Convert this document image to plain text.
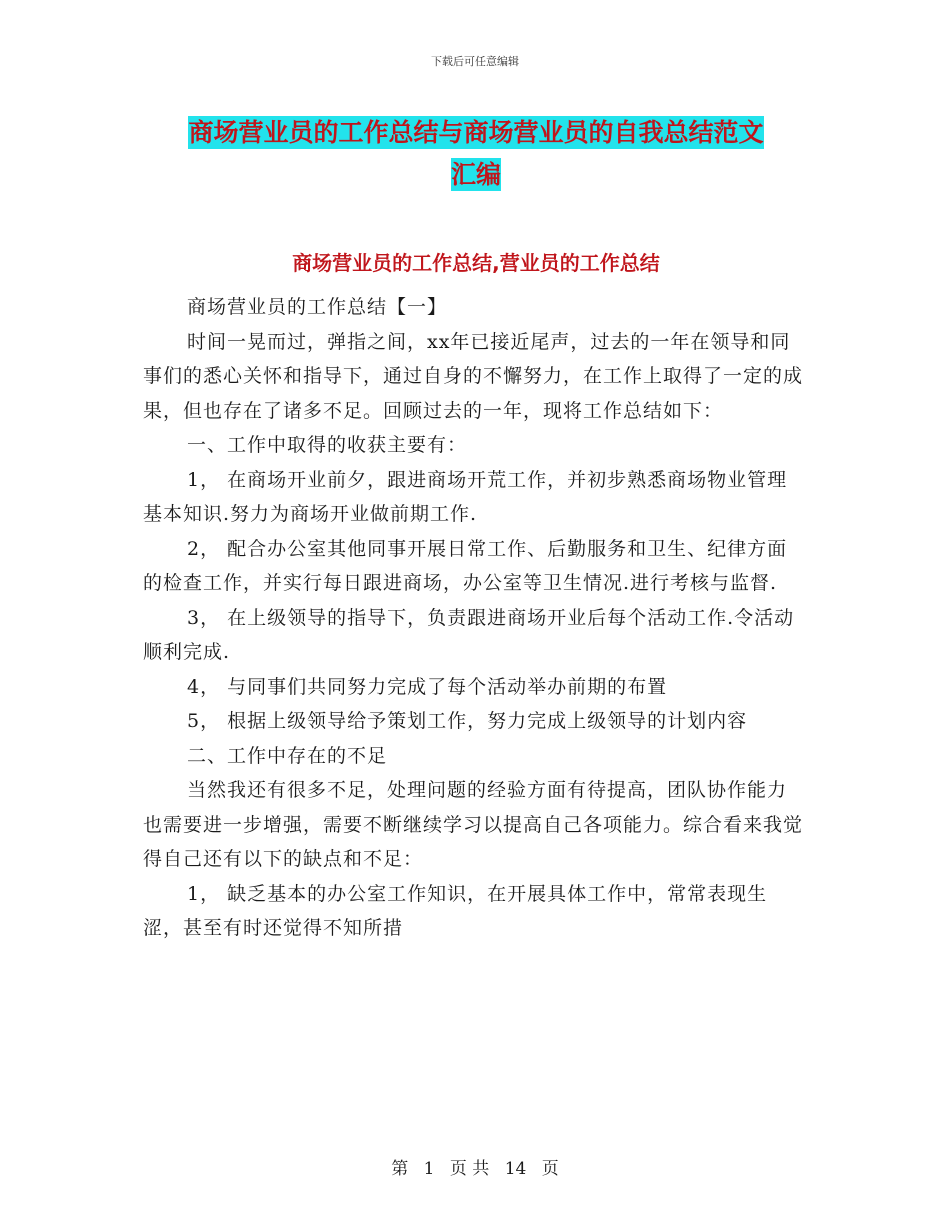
下载后可任意编辑
商场营业员的工作总结与商场营业员的自我总结范文
汇编
商场营业员的工作总结,营业员的工作总结

商场营业员的工作总结【一】

时间一晃而过，弹指之间，xx年已接近尾声，过去的一年在领导和同事们的悉心关怀和指导下，通过自身的不懈努力，在工作上取得了一定的成果，但也存在了诸多不足。回顾过去的一年，现将工作总结如下：

一、工作中取得的收获主要有：

1， 在商场开业前夕，跟进商场开荒工作，并初步熟悉商场物业管理基本知识.努力为商场开业做前期工作.

2， 配合办公室其他同事开展日常工作、后勤服务和卫生、纪律方面的检查工作，并实行每日跟进商场，办公室等卫生情况.进行考核与监督.

3， 在上级领导的指导下，负责跟进商场开业后每个活动工作.令活动顺利完成.

4， 与同事们共同努力完成了每个活动举办前期的布置

5， 根据上级领导给予策划工作，努力完成上级领导的计划内容

二、工作中存在的不足

当然我还有很多不足，处理问题的经验方面有待提高，团队协作能力也需要进一步增强，需要不断继续学习以提高自己各项能力。综合看来我觉得自己还有以下的缺点和不足：

1， 缺乏基本的办公室工作知识，在开展具体工作中，常常表现生涩，甚至有时还觉得不知所措

第 1 页 共 14 页
